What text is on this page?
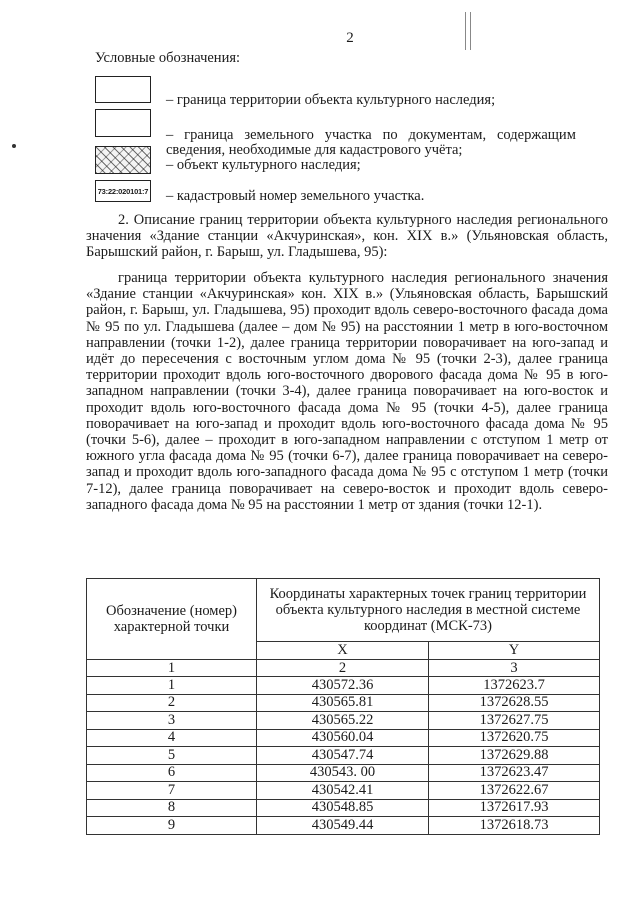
2
Условные обозначения:
– граница территории объекта культурного наследия;
–   граница   земельного   участка   по   документам,   содержащим
сведения, необходимые для кадастрового учёта;
– объект культурного наследия;
73:22:020101:7 – кадастровый номер земельного участка.
2. Описание границ территории объекта культурного наследия регионального значения «Здание станции «Акчуринская», кон. XIX в.» (Ульяновская область, Барышский район, г. Барыш, ул. Гладышева, 95):
граница территории объекта культурного наследия регионального значения «Здание станции «Акчуринская» кон. XIX в.» (Ульяновская область, Барышский район, г. Барыш, ул. Гладышева, 95) проходит вдоль северо-восточного фасада дома № 95 по ул. Гладышева (далее – дом № 95) на расстоянии 1 метр в юго-восточном направлении (точки 1-2), далее граница территории поворачивает на юго-запад и идёт до пересечения с восточным углом дома № 95 (точки 2-3), далее граница территории проходит вдоль юго-восточного дворового фасада дома № 95 в юго-западном направлении (точки 3-4), далее граница поворачивает на юго-восток и проходит вдоль юго-восточного фасада дома № 95 (точки 4-5), далее граница поворачивает на юго-запад и проходит вдоль юго-восточного фасада дома № 95 (точки 5-6), далее – проходит в юго-западном направлении с отступом 1 метр от южного угла фасада дома № 95 (точки 6-7), далее граница поворачивает на северо-запад и проходит вдоль юго-западного фасада дома № 95 с отступом 1 метр (точки 7-12), далее граница поворачивает на северо-восток и проходит вдоль северо-западного фасада дома № 95 на расстоянии 1 метр от здания (точки 12-1).
Обозначение (номер) характерной точки	Координаты характерных точек границ территории объекта культурного наследия в местной системе координат (МСК-73)	
	X	Y
1	2	3
1	430572.36	1372623.7
2	430565.81	1372628.55
3	430565.22	1372627.75
4	430560.04	1372620.75
5	430547.74	1372629.88
6	430543. 00	1372623.47
7	430542.41	1372622.67
8	430548.85	1372617.93
9	430549.44	1372618.73
